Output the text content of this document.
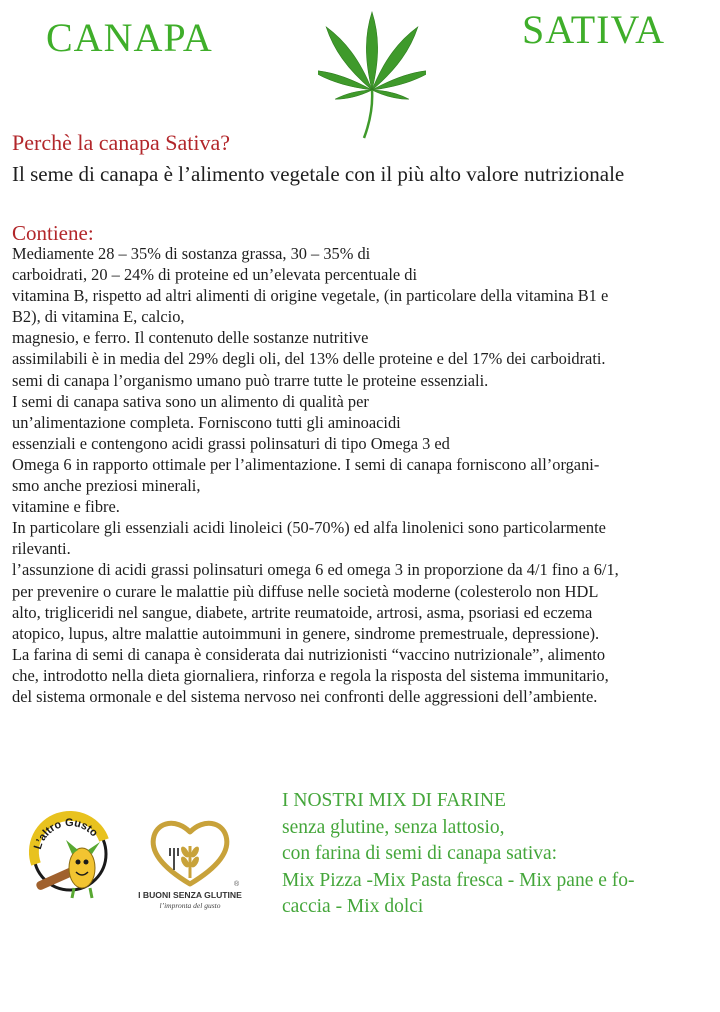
CANAPA	SATIVA
Perchè la canapa Sativa?

Il seme di canapa è l’alimento vegetale con il più alto valore nutrizionale

Contiene:
Mediamente 28 – 35% di sostanza grassa, 30 – 35% di
carboidrati, 20 – 24% di proteine ed un’elevata percentuale di
vitamina B, rispetto ad altri alimenti di origine vegetale, (in particolare della vitamina B1 e
B2), di vitamina E, calcio,
magnesio, e ferro. Il contenuto delle sostanze nutritive
assimilabili è in media del 29% degli oli, del 13% delle proteine e del 17% dei carboidrati.
semi di canapa l’organismo umano può trarre tutte le proteine essenziali.
I semi di canapa sativa sono un alimento di qualità per
un’alimentazione completa. Forniscono tutti gli aminoacidi
essenziali e contengono acidi grassi polinsaturi di tipo Omega 3 ed
Omega 6 in rapporto ottimale per l’alimentazione. I semi di canapa forniscono all’organi-
smo anche preziosi minerali,
vitamine e fibre.
In particolare gli essenziali acidi linoleici (50-70%) ed alfa linolenici sono particolarmente
rilevanti.
l’assunzione di acidi grassi polinsaturi omega 6 ed omega 3 in proporzione da 4/1 fino a 6/1,
per prevenire o curare le malattie più diffuse nelle società moderne (colesterolo non HDL
alto, trigliceridi nel sangue, diabete, artrite reumatoide, artrosi, asma, psoriasi ed eczema
atopico, lupus, altre malattie autoimmuni in genere, sindrome premestruale, depressione).
La farina di semi di canapa è considerata dai nutrizionisti “vaccino nutrizionale”, alimento
che, introdotto nella dieta giornaliera, rinforza e regola la risposta del sistema immunitario,
del sistema ormonale e del sistema nervoso nei confronti delle aggressioni dell’ambiente.
L’altro Gusto
®
I BUONI SENZA GLUTINE
l’impronta del gusto
I NOSTRI MIX DI FARINE
senza glutine, senza lattosio,
con farina di semi di canapa sativa:
Mix Pizza -Mix Pasta fresca - Mix pane e fo-
caccia - Mix dolci
